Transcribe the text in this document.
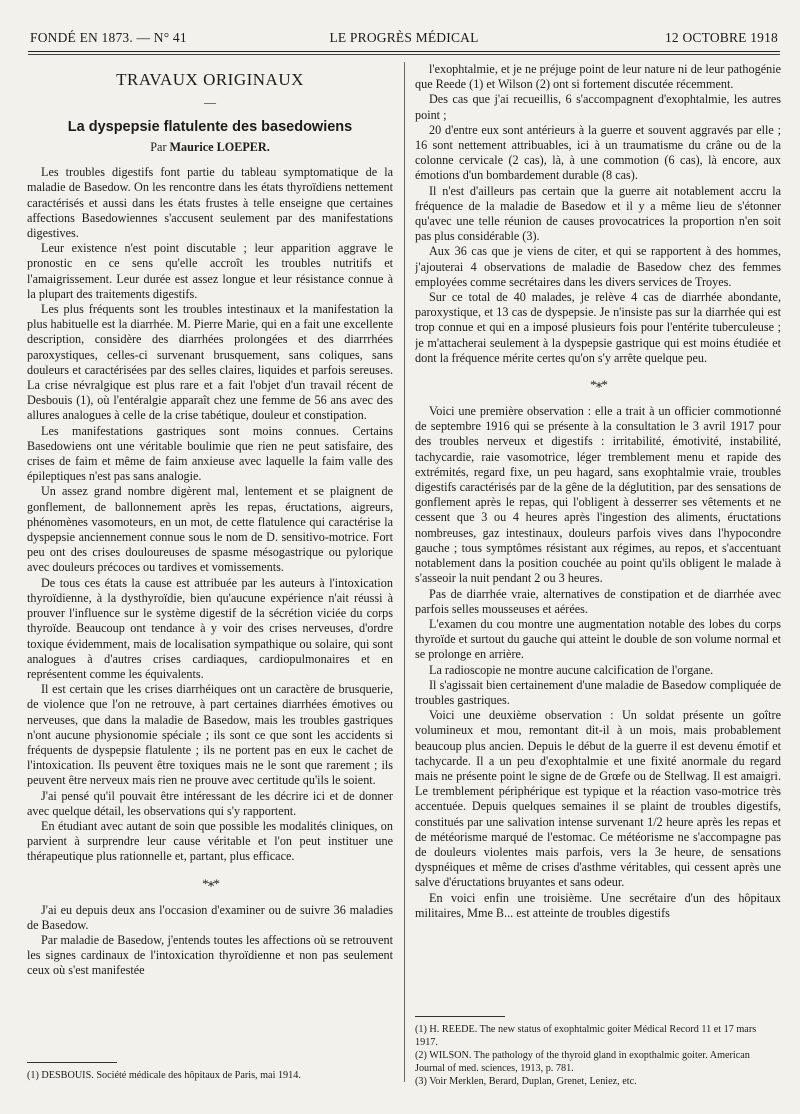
FONDÉ EN 1873. — N° 41	LE PROGRÈS MÉDICAL	12 OCTOBRE 1918
TRAVAUX ORIGINAUX
—
La dyspepsie flatulente des basedowiens
Par Maurice LOEPER.

Les troubles digestifs font partie du tableau symptomatique de la maladie de Basedow. On les rencontre dans les états thyroïdiens nettement caractérisés et aussi dans les états frustes à telle enseigne que certaines affections Basedowiennes s'accusent seulement par des manifestations digestives.

Leur existence n'est point discutable ; leur apparition aggrave le pronostic en ce sens qu'elle accroît les troubles nutritifs et l'amaigrissement. Leur durée est assez longue et leur résistance connue à la plupart des traitements digestifs.

Les plus fréquents sont les troubles intestinaux et la manifestation la plus habituelle est la diarrhée. M. Pierre Marie, qui en a fait une excellente description, considère des diarrhées prolongées et des diarrrhées paroxystiques, celles-ci survenant brusquement, sans coliques, sans douleurs et caractérisées par des selles claires, liquides et parfois sereuses. La crise névralgique est plus rare et a fait l'objet d'un travail récent de Desbouis (1), où l'entéralgie apparaît chez une femme de 56 ans avec des allures analogues à celle de la crise tabétique, douleur et constipation.

Les manifestations gastriques sont moins connues. Certains Basedowiens ont une véritable boulimie que rien ne peut satisfaire, des crises de faim et même de faim anxieuse avec laquelle la faim valle des épileptiques n'est pas sans analogie.

Un assez grand nombre digèrent mal, lentement et se plaignent de gonflement, de ballonnement après les repas, éructations, aigreurs, phénomènes vasomoteurs, en un mot, de cette flatulence qui caractérise la dyspepsie anciennement connue sous le nom de D. sensitivo-motrice. Fort peu ont des crises douloureuses de spasme mésogastrique ou pylorique avec douleurs précoces ou tardives et vomissements.

De tous ces états la cause est attribuée par les auteurs à l'intoxication thyroïdienne, à la dysthyroïdie, bien qu'aucune expérience n'ait réussi à prouver l'influence sur le système digestif de la sécrétion viciée du corps thyroïde. Beaucoup ont tendance à y voir des crises nerveuses, d'ordre toxique évidemment, mais de localisation sympathique ou solaire, qui sont analogues à d'autres crises cardiaques, cardiopulmonaires et en représentent comme les équivalents.

Il est certain que les crises diarrhéiques ont un caractère de brusquerie, de violence que l'on ne retrouve, à part certaines diarrhées émotives ou nerveuses, que dans la maladie de Basedow, mais les troubles gastriques n'ont aucune physionomie spéciale ; ils sont ce que sont les accidents si fréquents de dyspepsie flatulente ; ils ne portent pas en eux le cachet de l'intoxication. Ils peuvent être toxiques mais ne le sont que rarement ; ils peuvent être nerveux mais rien ne prouve avec certitude qu'ils le soient.

J'ai pensé qu'il pouvait être intéressant de les décrire ici et de donner avec quelque détail, les observations qui s'y rapportent.

En étudiant avec autant de soin que possible les modalités cliniques, on parvient à surprendre leur cause véritable et l'on peut instituer une thérapeutique plus rationnelle et, partant, plus efficace.

*∗*

J'ai eu depuis deux ans l'occasion d'examiner ou de suivre 36 maladies de Basedow.

Par maladie de Basedow, j'entends toutes les affections où se retrouvent les signes cardinaux de l'intoxication thyroïdienne et non pas seulement ceux où s'est manifestée

(1) DESBOUIS. Société médicale des hôpitaux de Paris, mai 1914.

l'exophtalmie, et je ne préjuge point de leur nature ni de leur pathogénie que Reede (1) et Wilson (2) ont si fortement discutée récemment.

Des cas que j'ai recueillis, 6 s'accompagnent d'exophtalmie, les autres point ;

20 d'entre eux sont antérieurs à la guerre et souvent aggravés par elle ; 16 sont nettement attribuables, ici à un traumatisme du crâne ou de la colonne cervicale (2 cas), là, à une commotion (6 cas), là encore, aux émotions d'un bombardement durable (8 cas).

Il n'est d'ailleurs pas certain que la guerre ait notablement accru la fréquence de la maladie de Basedow et il y a même lieu de s'étonner qu'avec une telle réunion de causes provocatrices la proportion n'en soit pas plus considérable (3).

Aux 36 cas que je viens de citer, et qui se rapportent à des hommes, j'ajouterai 4 observations de maladie de Basedow chez des femmes employées comme secrétaires dans les divers services de Troyes.

Sur ce total de 40 malades, je relève 4 cas de diarrhée abondante, paroxystique, et 13 cas de dyspepsie. Je n'insiste pas sur la diarrhée qui est trop connue et qui en a imposé plusieurs fois pour l'entérite tuberculeuse ; je m'attacherai seulement à la dyspepsie gastrique qui est moins étudiée et dont la fréquence mérite certes qu'on s'y arrête quelque peu.

*∗*

Voici une première observation : elle a trait à un officier commotionné de septembre 1916 qui se présente à la consultation le 3 avril 1917 pour des troubles nerveux et digestifs : irritabilité, émotivité, instabilité, tachycardie, raie vasomotrice, léger tremblement menu et rapide des extrémités, regard fixe, un peu hagard, sans exophtalmie vraie, troubles digestifs caractérisés par de la gêne de la déglutition, par des sensations de gonflement après le repas, qui l'obligent à desserrer ses vêtements et ne cessent que 3 ou 4 heures après l'ingestion des aliments, éructations nombreuses, gaz intestinaux, douleurs parfois vives dans l'hypocondre gauche ; tous symptômes résistant aux régimes, au repos, et s'accentuant notablement dans la position couchée au point qu'ils obligent le malade à s'asseoir la nuit pendant 2 ou 3 heures.

Pas de diarrhée vraie, alternatives de constipation et de diarrhée avec parfois selles mousseuses et aérées.

L'examen du cou montre une augmentation notable des lobes du corps thyroïde et surtout du gauche qui atteint le double de son volume normal et se prolonge en arrière.

La radioscopie ne montre aucune calcification de l'organe.

Il s'agissait bien certainement d'une maladie de Basedow compliquée de troubles gastriques.

Voici une deuxième observation : Un soldat présente un goître volumineux et mou, remontant dit-il à un mois, mais probablement beaucoup plus ancien. Depuis le début de la guerre il est devenu émotif et tachycarde. Il a un peu d'exophtalmie et une fixité anormale du regard mais ne présente point le signe de de Grœfe ou de Stellwag. Il est amaigri. Le tremblement périphérique est typique et la réaction vaso-motrice très accentuée. Depuis quelques semaines il se plaint de troubles digestifs, constitués par une salivation intense survenant 1/2 heure après les repas et de météorisme marqué de l'estomac. Ce météorisme ne s'accompagne pas de douleurs violentes mais parfois, vers la 3e heure, de sensations dyspnéiques et même de crises d'asthme véritables, qui cessent après une salve d'éructations bruyantes et sans odeur.

En voici enfin une troisième. Une secrétaire d'un des hôpitaux militaires, Mme B... est atteinte de troubles digestifs

(1) H. REEDE. The new status of exophtalmic goiter Médical Record 11 et 17 mars 1917.

(2) WILSON. The pathology of the thyroid gland in exopthalmic goiter. American Journal of med. sciences, 1913, p. 781.

(3) Voir Merklen, Berard, Duplan, Grenet, Leniez, etc.
